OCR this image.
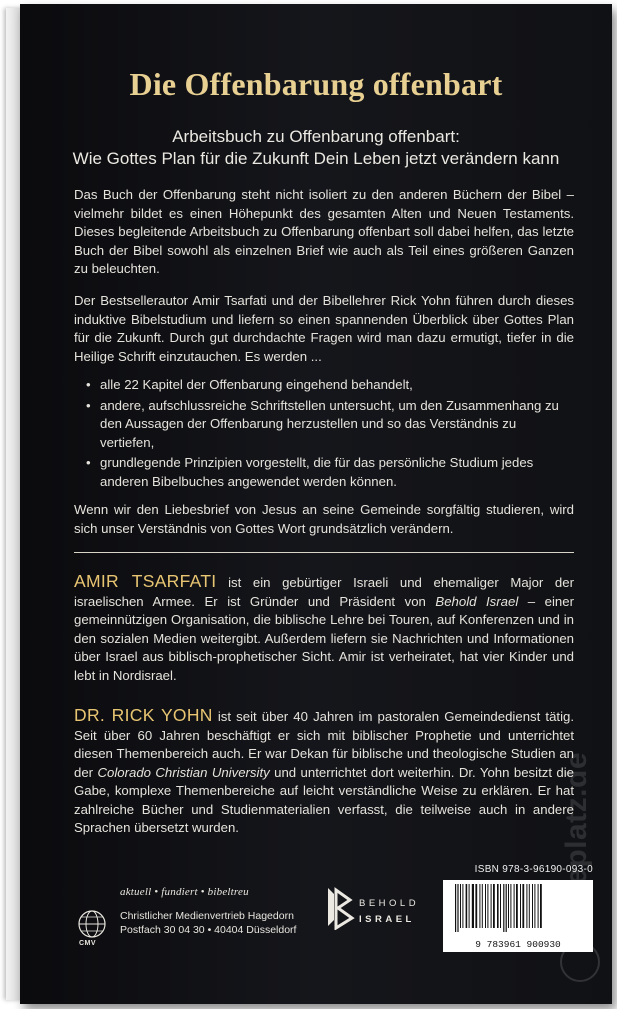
Die Offenbarung offenbart
Arbeitsbuch zu Offenbarung offenbart:
Wie Gottes Plan für die Zukunft Dein Leben jetzt verändern kann

Das Buch der Offenbarung steht nicht isoliert zu den anderen Büchern der Bibel – vielmehr bildet es einen Höhepunkt des gesamten Alten und Neuen Testaments. Dieses begleitende Arbeitsbuch zu Offenbarung offenbart soll dabei helfen, das letzte Buch der Bibel sowohl als einzelnen Brief wie auch als Teil eines größeren Ganzen zu beleuchten.

Der Bestsellerautor Amir Tsarfati und der Bibellehrer Rick Yohn führen durch dieses induktive Bibelstudium und liefern so einen spannenden Überblick über Gottes Plan für die Zukunft. Durch gut durchdachte Fragen wird man dazu ermutigt, tiefer in die Heilige Schrift einzutauchen. Es werden ...

• alle 22 Kapitel der Offenbarung eingehend behandelt,
• andere, aufschlussreiche Schriftstellen untersucht, um den Zusammenhang zu den Aussagen der Offenbarung herzustellen und so das Verständnis zu vertiefen,
• grundlegende Prinzipien vorgestellt, die für das persönliche Studium jedes anderen Bibelbuches angewendet werden können.

Wenn wir den Liebesbrief von Jesus an seine Gemeinde sorgfältig studieren, wird sich unser Verständnis von Gottes Wort grundsätzlich verändern.

AMIR TSARFATI ist ein gebürtiger Israeli und ehemaliger Major der israelischen Armee. Er ist Gründer und Präsident von Behold Israel – einer gemeinnützigen Organisation, die biblische Lehre bei Touren, auf Konferenzen und in den sozialen Medien weitergibt. Außerdem liefern sie Nachrichten und Informationen über Israel aus biblisch-prophetischer Sicht. Amir ist verheiratet, hat vier Kinder und lebt in Nordisrael.

DR. RICK YOHN ist seit über 40 Jahren im pastoralen Gemeindedienst tätig. Seit über 60 Jahren beschäftigt er sich mit biblischer Prophetie und unterrichtet diesen Themenbereich auch. Er war Dekan für biblische und theologische Studien an der Colorado Christian University und unterrichtet dort weiterhin. Dr. Yohn besitzt die Gabe, komplexe Themenbereiche auf leicht verständliche Weise zu erklären. Er hat zahlreiche Bücher und Studienmaterialien verfasst, die teilweise auch in andere Sprachen übersetzt wurden.

aktuell • fundiert • bibeltreu
CMV
Christlicher Medienvertrieb Hagedorn
Postfach 30 04 30 • 40404 Düsseldorf
BEHOLD
ISRAEL
ISBN 978-3-96190-093-0
9 783961 900930
leseplatz.de
